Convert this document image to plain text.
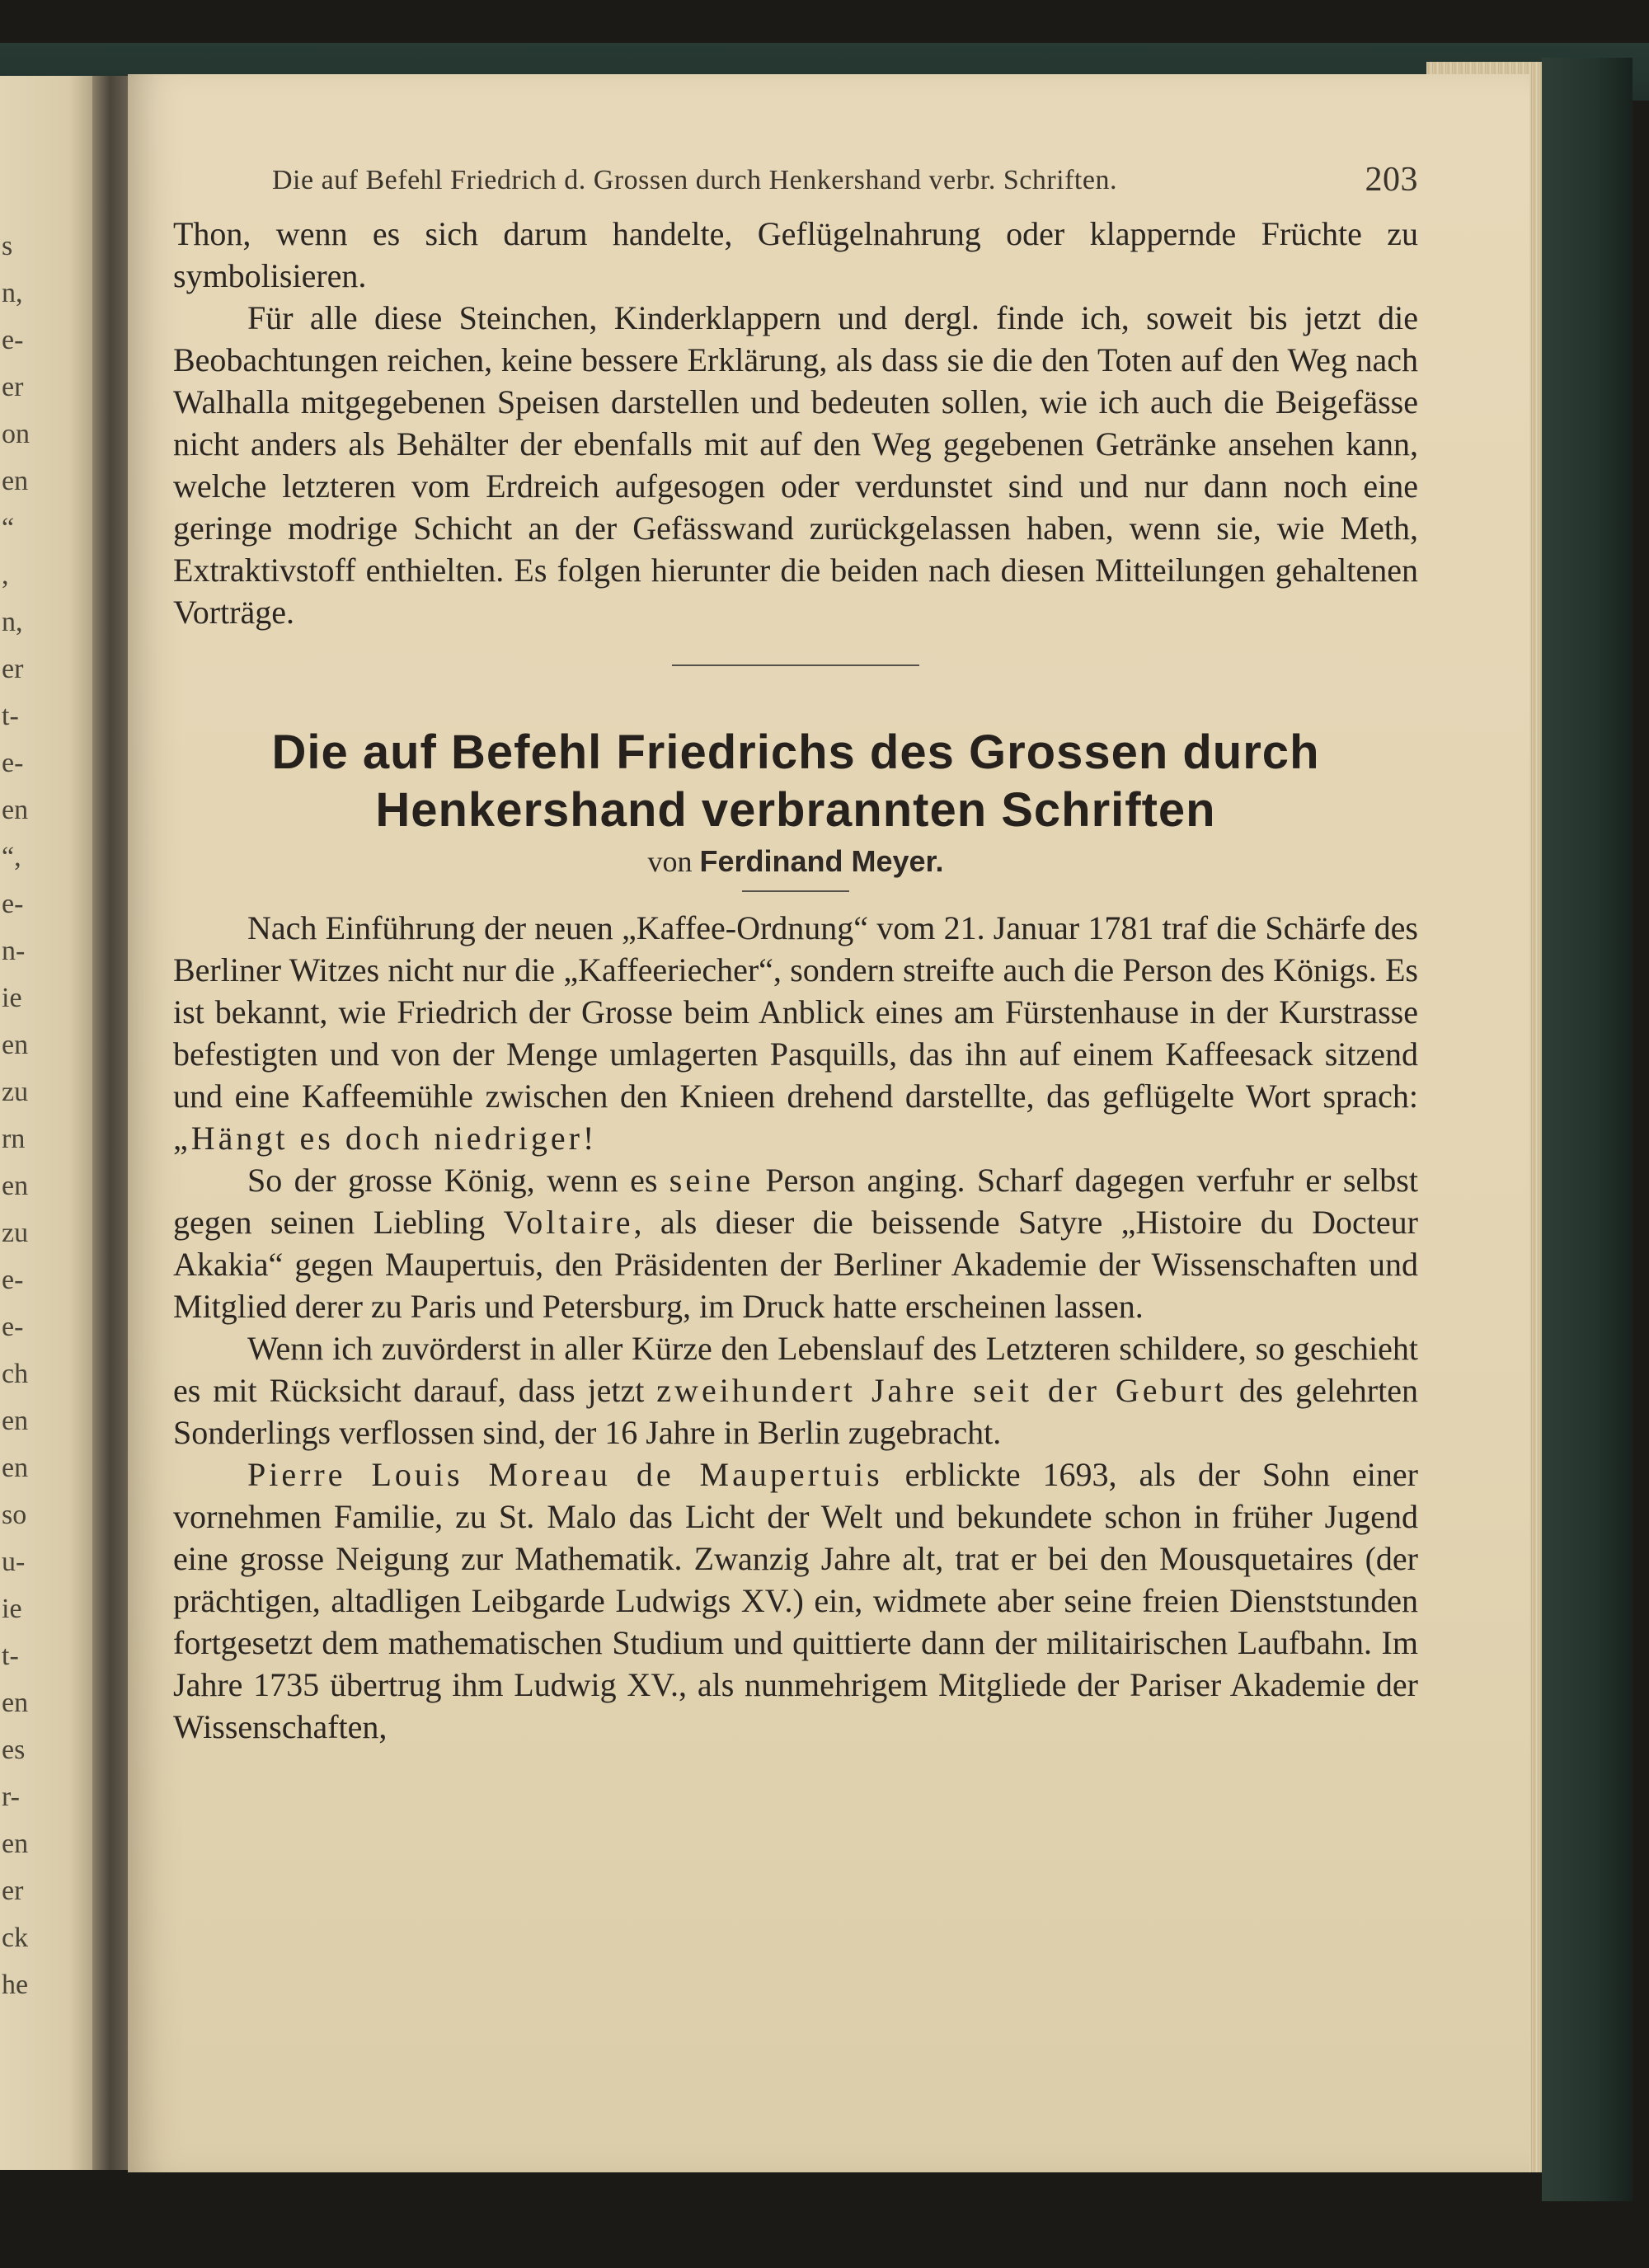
s
n,
e-
er
on
en
“
,
n,
er
t-
e-
en
“,
e-
n-
ie
en
zu
rn
en
zu
e-
e-
ch
en
en
so
u-
ie
t-
en
es
r-
en
er
ck
he
Die auf Befehl Friedrich d. Grossen durch Henkershand verbr. Schriften.	203

Thon, wenn es sich darum handelte, Geflügelnahrung oder klappernde Früchte zu symbolisieren.

Für alle diese Steinchen, Kinderklappern und dergl. finde ich, soweit bis jetzt die Beobachtungen reichen, keine bessere Erklärung, als dass sie die den Toten auf den Weg nach Walhalla mitgegebenen Speisen darstellen und bedeuten sollen, wie ich auch die Beigefässe nicht anders als Behälter der ebenfalls mit auf den Weg gegebenen Getränke ansehen kann, welche letzteren vom Erdreich aufgesogen oder verdunstet sind und nur dann noch eine geringe modrige Schicht an der Gefässwand zurückgelassen haben, wenn sie, wie Meth, Extraktivstoff enthielten. Es folgen hierunter die beiden nach diesen Mitteilungen gehaltenen Vorträge.

Die auf Befehl Friedrichs des Grossen durch
Henkershand verbrannten Schriften

von Ferdinand Meyer.

Nach Einführung der neuen „Kaffee-Ordnung“ vom 21. Januar 1781 traf die Schärfe des Berliner Witzes nicht nur die „Kaffeeriecher“, sondern streifte auch die Person des Königs. Es ist bekannt, wie Friedrich der Grosse beim Anblick eines am Fürstenhause in der Kurstrasse befestigten und von der Menge umlagerten Pasquills, das ihn auf einem Kaffeesack sitzend und eine Kaffeemühle zwischen den Knieen drehend darstellte, das geflügelte Wort sprach: „Hängt es doch niedriger!

So der grosse König, wenn es seine Person anging. Scharf dagegen verfuhr er selbst gegen seinen Liebling Voltaire, als dieser die beissende Satyre „Histoire du Docteur Akakia“ gegen Maupertuis, den Präsidenten der Berliner Akademie der Wissenschaften und Mitglied derer zu Paris und Petersburg, im Druck hatte erscheinen lassen.

Wenn ich zuvörderst in aller Kürze den Lebenslauf des Letzteren schildere, so geschieht es mit Rücksicht darauf, dass jetzt zweihundert Jahre seit der Geburt des gelehrten Sonderlings verflossen sind, der 16 Jahre in Berlin zugebracht.

Pierre Louis Moreau de Maupertuis erblickte 1693, als der Sohn einer vornehmen Familie, zu St. Malo das Licht der Welt und bekundete schon in früher Jugend eine grosse Neigung zur Mathematik. Zwanzig Jahre alt, trat er bei den Mousquetaires (der prächtigen, altadligen Leibgarde Ludwigs XV.) ein, widmete aber seine freien Dienststunden fortgesetzt dem mathematischen Studium und quittierte dann der militairischen Laufbahn. Im Jahre 1735 übertrug ihm Ludwig XV., als nunmehrigem Mitgliede der Pariser Akademie der Wissenschaften,
